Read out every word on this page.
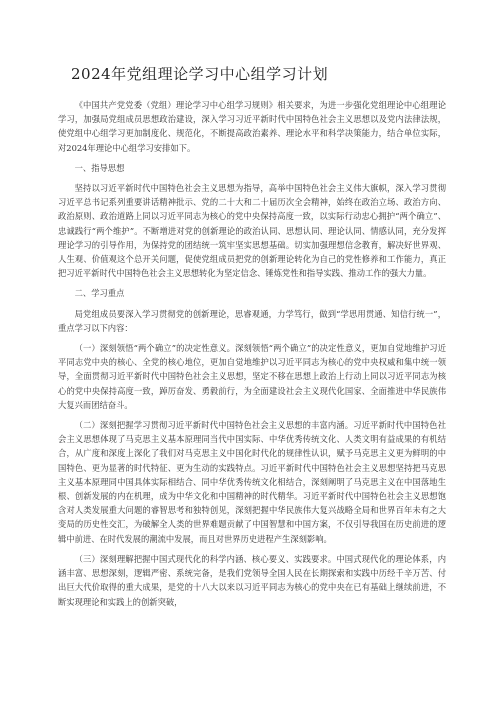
2024年党组理论学习中心组学习计划

《中国共产党党委（党组）理论学习中心组学习规则》相关要求，为进一步强化党组理论中心组理论学习，加强局党组成员思想政治建设，深入学习习近平新时代中国特色社会主义思想以及党内法律法规，使党组中心组学习更加制度化、规范化，不断提高政治素养、理论水平和科学决策能力，结合单位实际，对2024年理论中心组学习安排如下。

一、指导思想

坚持以习近平新时代中国特色社会主义思想为指导，高举中国特色社会主义伟大旗帜，深入学习贯彻习近平总书记系列重要讲话精神批示、党的二十大和二十届历次全会精神，始终在政治立场、政治方向、政治原则、政治道路上同以习近平同志为核心的党中央保持高度一致，以实际行动忠心拥护“两个确立”、忠诚践行“两个维护”。不断增进对党的创新理论的政治认同、思想认同、理论认同、情感认同，充分发挥理论学习的引导作用，为保持党的团结统一筑牢坚实思想基础。切实加强理想信念教育，解决好世界观、人生观、价值观这个总开关问题，促使党组成员把党的创新理论转化为自己的党性修养和工作能力，真正把习近平新时代中国特色社会主义思想转化为坚定信念、锤炼党性和指导实践、推动工作的强大力量。

二、学习重点

局党组成员要深入学习贯彻党的创新理论，思睿观通，力学笃行，做到“学思用贯通、知信行统一”，重点学习以下内容：

（一）深刻领悟“两个确立”的决定性意义。深刻领悟“两个确立”的决定性意义，更加自觉地维护习近平同志党中央的核心、全党的核心地位，更加自觉地维护以习近平同志为核心的党中央权威和集中统一领导，全面贯彻习近平新时代中国特色社会主义思想，坚定不移在思想上政治上行动上同以习近平同志为核心的党中央保持高度一致，踔厉奋发、勇毅前行，为全面建设社会主义现代化国家、全面推进中华民族伟大复兴而团结奋斗。

（二）深刻把握学习贯彻习近平新时代中国特色社会主义思想的丰富内涵。习近平新时代中国特色社会主义思想体现了马克思主义基本原理同当代中国实际、中华优秀传统文化、人类文明有益成果的有机结合，从广度和深度上深化了我们对马克思主义中国化时代化的规律性认识，赋予马克思主义更为鲜明的中国特色、更为显著的时代特征、更为生动的实践特点。习近平新时代中国特色社会主义思想坚持把马克思主义基本原理同中国具体实际相结合、同中华优秀传统文化相结合，深刻阐明了马克思主义在中国落地生根、创新发展的内在机理，成为中华文化和中国精神的时代精华。习近平新时代中国特色社会主义思想饱含对人类发展重大问题的睿智思考和独特创见，深刻把握中华民族伟大复兴战略全局和世界百年未有之大变局的历史性交汇，为破解全人类的世界难题贡献了中国智慧和中国方案，不仅引导我国在历史前进的逻辑中前进、在时代发展的潮流中发展，而且对世界历史进程产生深刻影响。

（三）深刻理解把握中国式现代化的科学内涵、核心要义、实践要求。中国式现代化的理论体系，内涵丰富、思想深刻，逻辑严密、系统完备，是我们党领导全国人民在长期探索和实践中历经千辛万苦、付出巨大代价取得的重大成果，是党的十八大以来以习近平同志为核心的党中央在已有基础上继续前进，不断实现理论和实践上的创新突破，
